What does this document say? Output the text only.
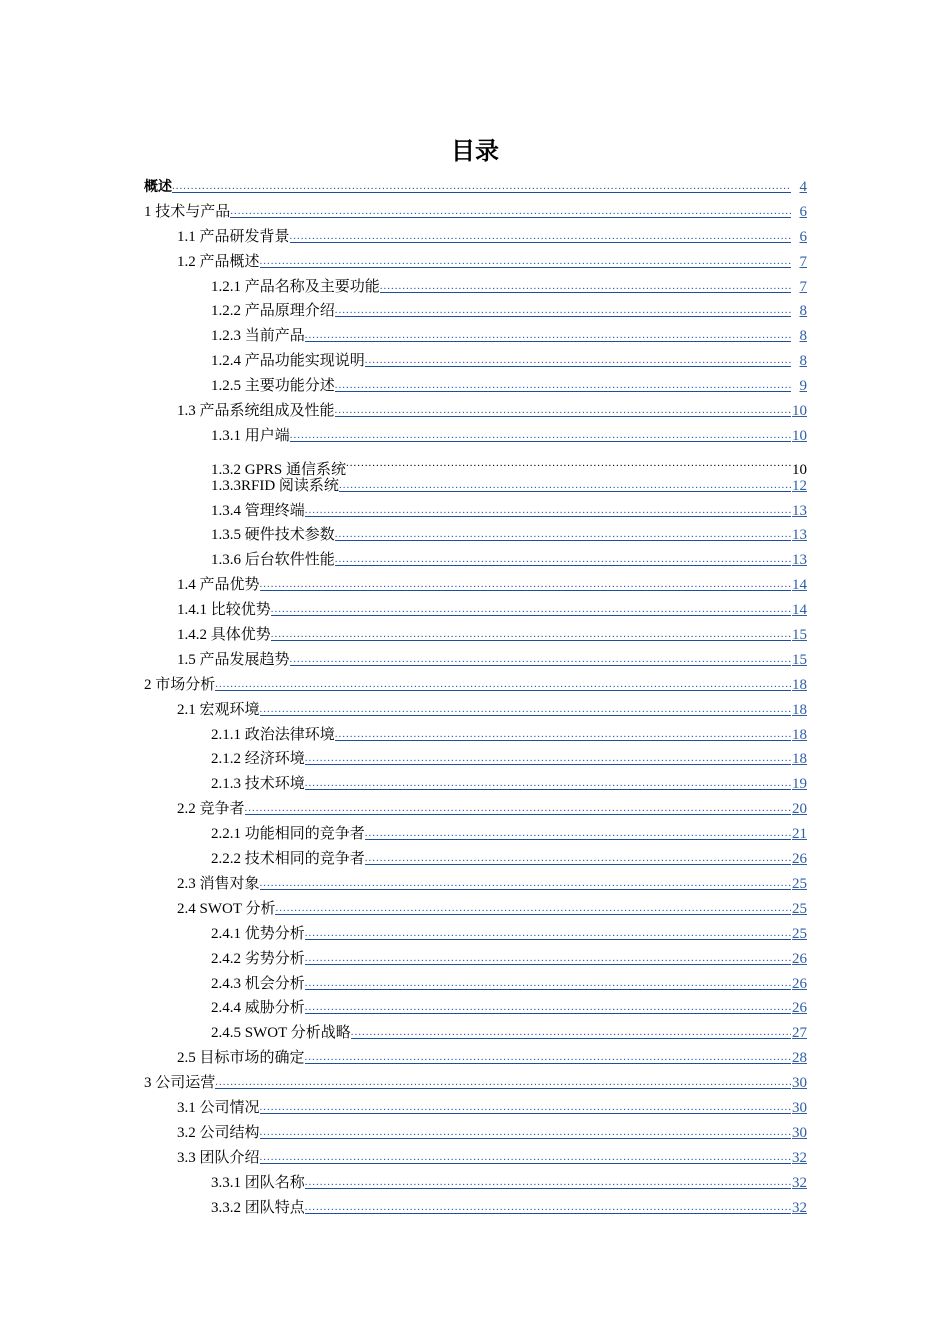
目录
概述 .....	4
1 技术与产品 .....	6
1.1 产品研发背景 .....	6
1.2 产品概述 .....	7
1.2.1 产品名称及主要功能 .....	7
1.2.2 产品原理介绍 .....	8
1.2.3 当前产品 .....	8
1.2.4 产品功能实现说明 .....	8
1.2.5 主要功能分述 .....	9
1.3 产品系统组成及性能 .....	10
1.3.1 用户端 .....	10
1.3.2 GPRS 通信系统 .....	10
1.3.3RFID 阅读系统 .....	12
1.3.4 管理终端 .....	13
1.3.5 硬件技术参数 .....	13
1.3.6 后台软件性能 .....	13
1.4 产品优势 .....	14
1.4.1 比较优势 .....	14
1.4.2 具体优势 .....	15
1.5 产品发展趋势 .....	15
2 市场分析 .....	18
2.1 宏观环境 .....	18
2.1.1 政治法律环境 .....	18
2.1.2 经济环境 .....	18
2.1.3 技术环境 .....	19
2.2 竞争者 .....	20
2.2.1 功能相同的竞争者 .....	21
2.2.2 技术相同的竞争者 .....	26
2.3 消售对象 .....	25
2.4 SWOT 分析 .....	25
2.4.1 优势分析 .....	25
2.4.2 劣势分析 .....	26
2.4.3 机会分析 .....	26
2.4.4 威胁分析 .....	26
2.4.5 SWOT 分析战略 .....	27
2.5 目标市场的确定 .....	28
3 公司运营 .....	30
3.1 公司情况 .....	30
3.2 公司结构 .....	30
3.3 团队介绍 .....	32
3.3.1 团队名称 .....	32
3.3.2 团队特点 .....	32
